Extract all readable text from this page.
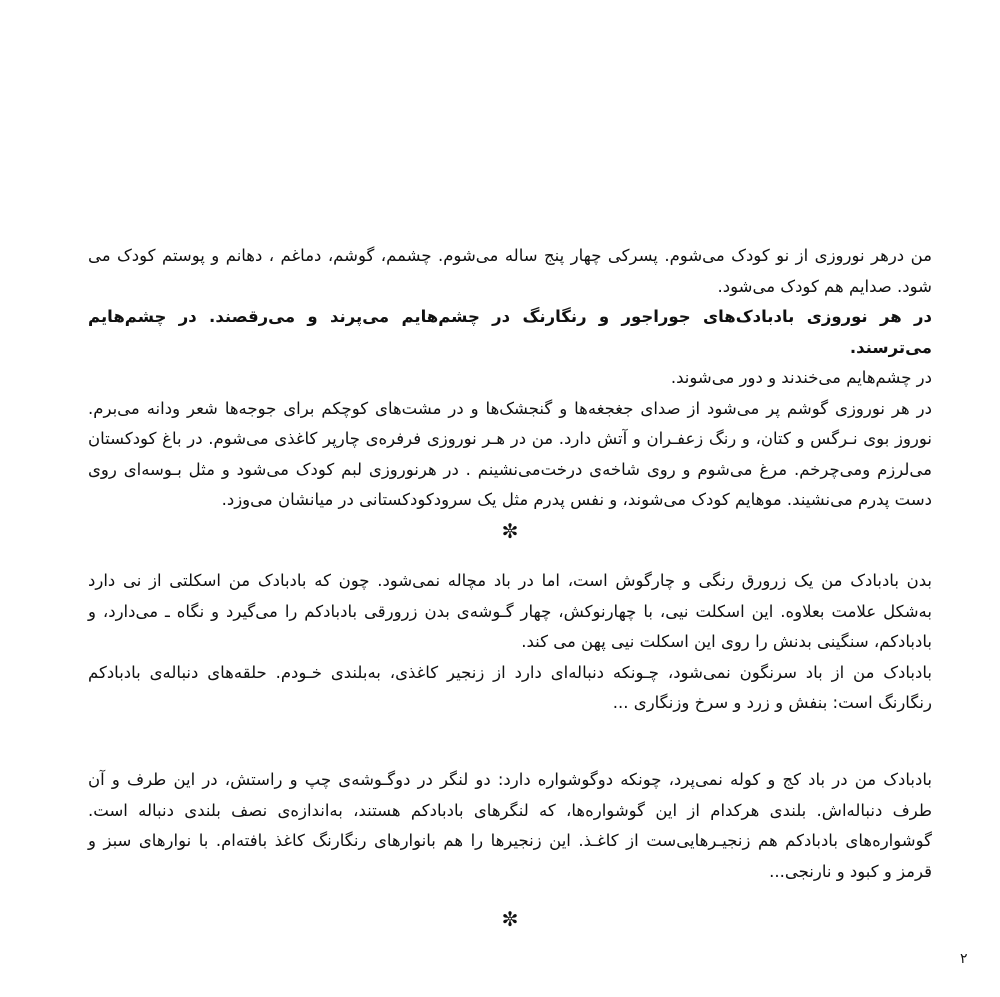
من درهر نوروزی از نو کودک می‌شوم. پسرکی چهار پنج ساله می‌شوم. چشمم، گوشم، دماغم ، دهانم و پوستم کودک می شود. صدایم هم کودک می‌شود.

در هر نوروزی بادبادک‌های جوراجور و رنگارنگ در چشم‌هایم می‌پرند و می‌رقصند. در چشم‌هایم می‌ترسند.

در چشم‌هایم می‌خندند و دور می‌شوند.

در هر نوروزی گوشم پر می‌شود از صدای جغجغه‌ها و گنجشک‌ها و در مشت‌های کوچکم برای جوجه‌ها شعر ودانه می‌برم. نوروز بوی نـرگس و کتان، و رنگ زعفـران و آتش دارد. من در هـر نوروزی فرفره‌ی چارپر کاغذی می‌شوم. در باغ کودکستان می‌لرزم ومی‌چرخم. مرغ می‌شوم و روی شاخه‌ی درخت‌می‌نشینم . در هرنوروزی لبم کودک می‌شود و مثل بـوسه‌ای روی دست پدرم می‌نشیند. موهایم کودک می‌شوند، و نفس پدرم مثل یک سرودکودکستانی در میانشان می‌وزد.

✼

بدن بادبادک من یک زرورق رنگی و چارگوش است، اما در باد مچاله نمی‌شود. چون که بادبادک من اسکلتی از نی دارد به‌شکل علامت بعلاوه. این اسکلت نیی، با چهارنوکش، چهار گـوشه‌ی بدن زرورقی بادبادکم را می‌گیرد و نگاه ـ می‌دارد، و بادبادکم، سنگینی بدنش را روی این اسکلت نیی پهن می کند.

بادبادک من از باد سرنگون نمی‌شود، چـونکه دنباله‌ای دارد از زنجیر کاغذی، به‌بلندی خـودم. حلقه‌های دنباله‌ی بادبادکم رنگارنگ است: بنفش و زرد و سرخ وزنگاری ...

بادبادک من در باد کج و کوله نمی‌پرد، چونکه دوگوشواره دارد: دو لنگر در دوگـوشه‌ی چپ و راستش، در این طرف و آن طرف دنباله‌اش. بلندی هرکدام از این گوشواره‌ها، که لنگرهای بادبادکم هستند، به‌اندازه‌ی نصف بلندی دنباله است. گوشواره‌های بادبادکم هم زنجیـرهایی‌ست از کاغـذ. این زنجیرها را هم بانوارهای رنگارنگ کاغذ بافته‌ام. با نوارهای سبز و قرمز و کبود و نارنجی...

✼
۲
